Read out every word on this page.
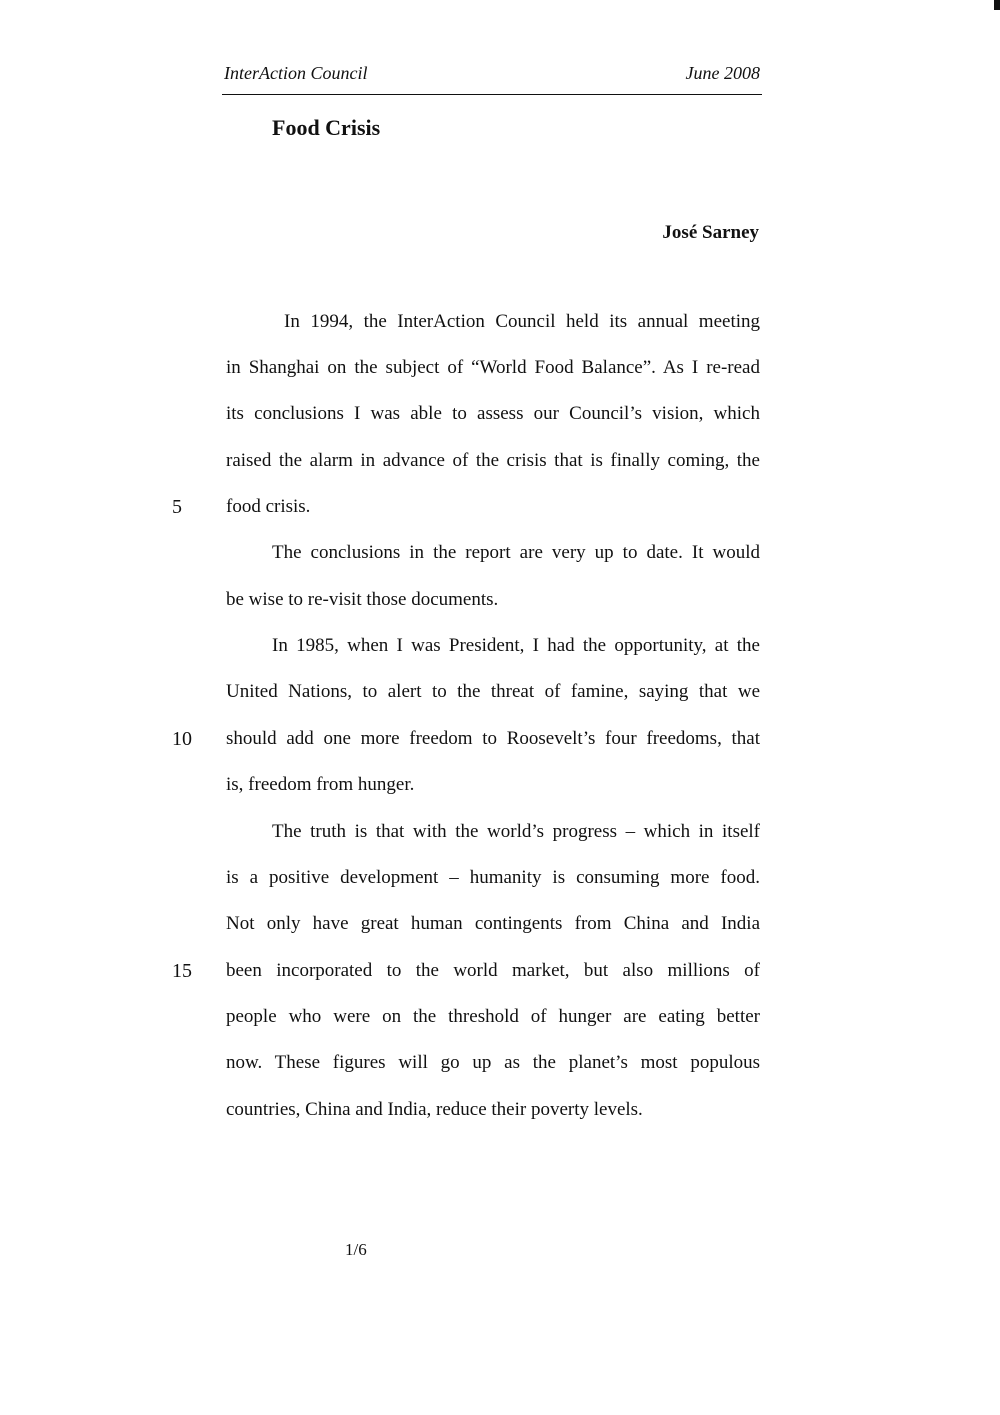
InterAction Council	June 2008
Food Crisis
José Sarney
In 1994, the InterAction Council held its annual meeting
in Shanghai on the subject of “World Food Balance”. As I re-read
its conclusions I was able to assess our Council’s vision, which
raised the alarm in advance of the crisis that is finally coming, the
food crisis.
5
The conclusions in the report are very up to date. It would
be wise to re-visit those documents.
In 1985, when I was President, I had the opportunity, at the
United Nations, to alert to the threat of famine, saying that we
should add one more freedom to Roosevelt’s four freedoms, that
10
is, freedom from hunger.
The truth is that with the world’s progress – which in itself
is a positive development – humanity is consuming more food.
Not only have great human contingents from China and India
been incorporated to the world market, but also millions of
15
people who were on the threshold of hunger are eating better
now. These figures will go up as the planet’s most populous
countries, China and India, reduce their poverty levels.
1/6
